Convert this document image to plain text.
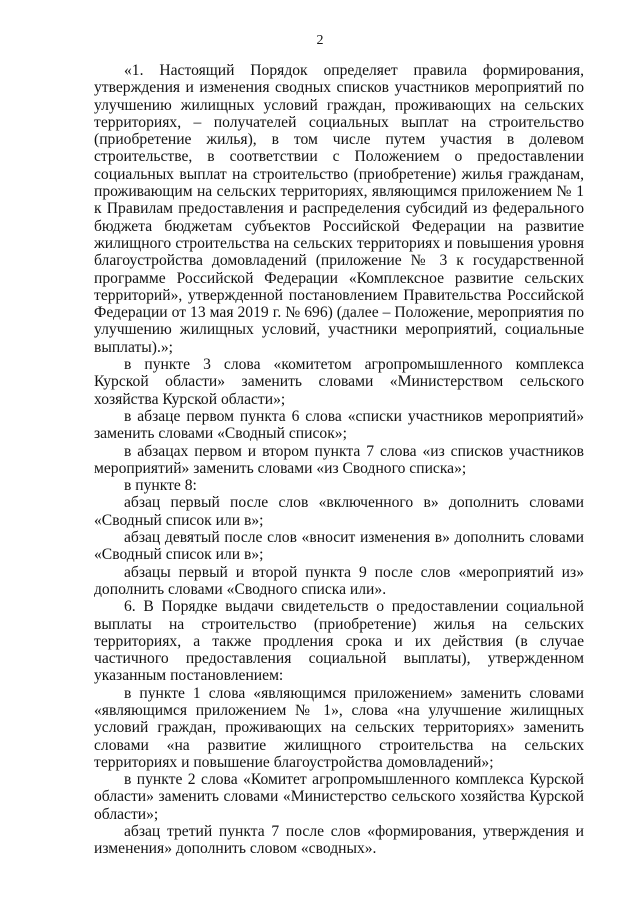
2

«1. Настоящий Порядок определяет правила формирования, утверждения и изменения сводных списков участников мероприятий по улучшению жилищных условий граждан, проживающих на сельских территориях, – получателей социальных выплат на строительство (приобретение жилья), в том числе путем участия в долевом строительстве, в соответствии с Положением о предоставлении социальных выплат на строительство (приобретение) жилья гражданам, проживающим на сельских территориях, являющимся приложением № 1 к Правилам предоставления и распределения субсидий из федерального бюджета бюджетам субъектов Российской Федерации на развитие жилищного строительства на сельских территориях и повышения уровня благоустройства домовладений (приложение № 3 к государственной программе Российской Федерации «Комплексное развитие сельских территорий», утвержденной постановлением Правительства Российской Федерации от 13 мая 2019 г. № 696) (далее – Положение, мероприятия по улучшению жилищных условий, участники мероприятий, социальные выплаты).»;

в пункте 3 слова «комитетом агропромышленного комплекса Курской области» заменить словами «Министерством сельского хозяйства Курской области»;

в абзаце первом пункта 6 слова «списки участников мероприятий» заменить словами «Сводный список»;

в абзацах первом и втором пункта 7 слова «из списков участников мероприятий» заменить словами «из Сводного списка»;

в пункте 8:

абзац первый после слов «включенного в» дополнить словами «Сводный список или в»;

абзац девятый после слов «вносит изменения в» дополнить словами «Сводный список или в»;

абзацы первый и второй пункта 9 после слов «мероприятий из» дополнить словами «Сводного списка или».

6. В Порядке выдачи свидетельств о предоставлении социальной выплаты на строительство (приобретение) жилья на сельских территориях, а также продления срока и их действия (в случае частичного предоставления социальной выплаты), утвержденном указанным постановлением:

в пункте 1 слова «являющимся приложением» заменить словами «являющимся приложением № 1», слова «на улучшение жилищных условий граждан, проживающих на сельских территориях» заменить словами «на развитие жилищного строительства на сельских территориях и повышение благоустройства домовладений»;

в пункте 2 слова «Комитет агропромышленного комплекса Курской области» заменить словами «Министерство сельского хозяйства Курской области»;

абзац третий пункта 7 после слов «формирования, утверждения и изменения» дополнить словом «сводных».
